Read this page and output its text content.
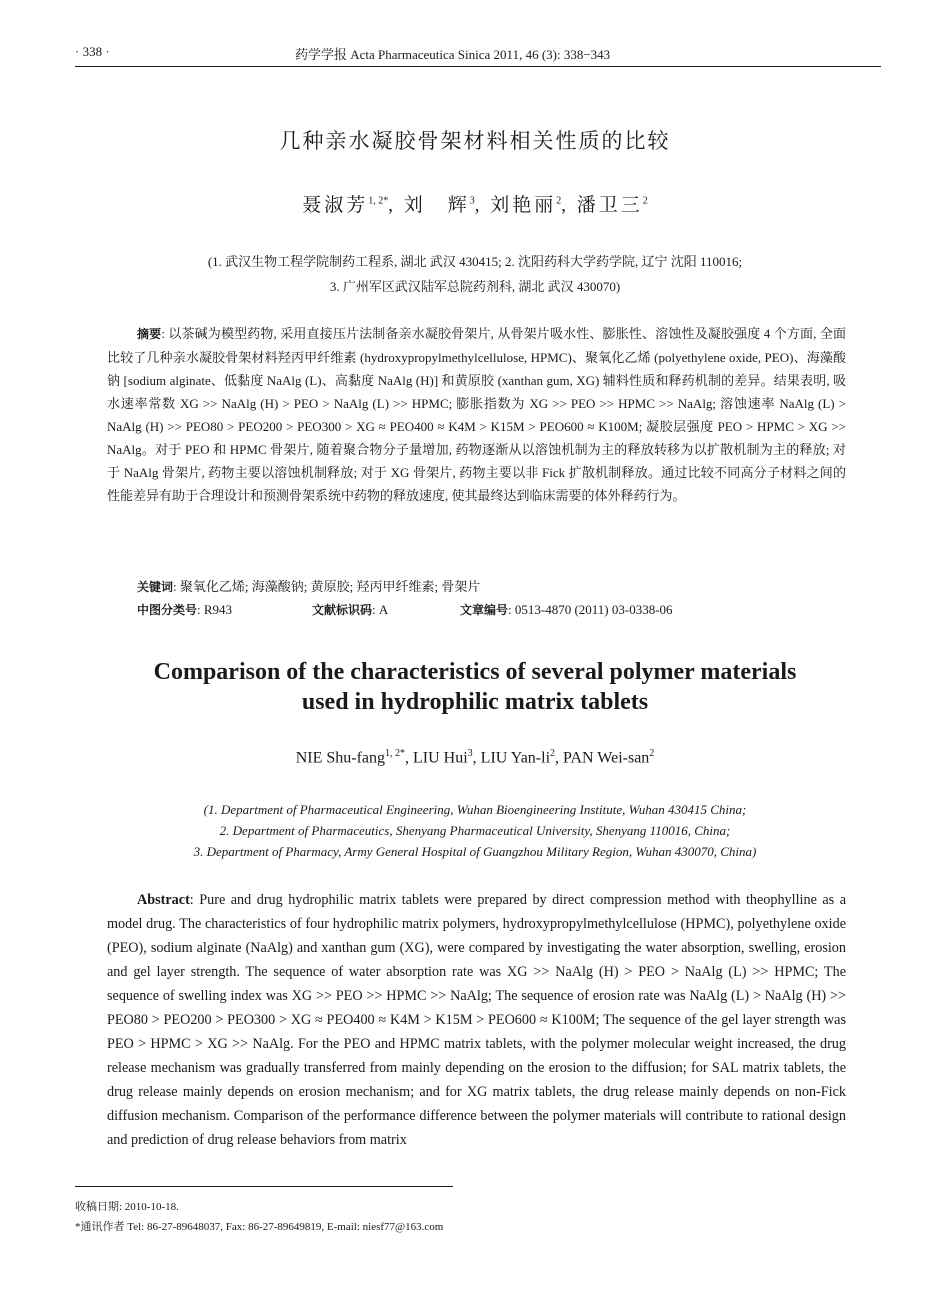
· 338 ·	药学学报 Acta Pharmaceutica Sinica 2011, 46 (3): 338−343
几种亲水凝胶骨架材料相关性质的比较
聂淑芳$^{1, 2*}$, 刘　辉$^3$, 刘艳丽$^2$, 潘卫三$^2$
(1. 武汉生物工程学院制药工程系, 湖北 武汉 430415; 2. 沈阳药科大学药学院, 辽宁 沈阳 110016;
3. 广州军区武汉陆军总院药剂科, 湖北 武汉 430070)

摘要: 以茶碱为模型药物, 采用直接压片法制备亲水凝胶骨架片, 从骨架片吸水性、膨胀性、溶蚀性及凝胶强度 4 个方面, 全面比较了几种亲水凝胶骨架材料羟丙甲纤维素 (hydroxypropylmethylcellulose, HPMC)、聚氧化乙烯 (polyethylene oxide, PEO)、海藻酸钠 [sodium alginate、低黏度 NaAlg (L)、高黏度 NaAlg (H)] 和黄原胶 (xanthan gum, XG) 辅料性质和释药机制的差异。结果表明, 吸水速率常数 XG >> NaAlg (H) > PEO > NaAlg (L) >> HPMC; 膨胀指数为 XG >> PEO >> HPMC >> NaAlg; 溶蚀速率 NaAlg (L) > NaAlg (H) >> PEO80 > PEO200 > PEO300 > XG ≈ PEO400 ≈ K4M > K15M > PEO600 ≈ K100M; 凝胶层强度 PEO > HPMC > XG >> NaAlg。对于 PEO 和 HPMC 骨架片, 随着聚合物分子量增加, 药物逐渐从以溶蚀机制为主的释放转移为以扩散机制为主的释放; 对于 NaAlg 骨架片, 药物主要以溶蚀机制释放; 对于 XG 骨架片, 药物主要以非 Fick 扩散机制释放。通过比较不同高分子材料之间的性能差异有助于合理设计和预测骨架系统中药物的释放速度, 使其最终达到临床需要的体外释药行为。

关键词: 聚氧化乙烯; 海藻酸钠; 黄原胶; 羟丙甲纤维素; 骨架片
中图分类号: R943	文献标识码: A	文章编号: 0513-4870 (2011) 03-0338-06
Comparison of the characteristics of several polymer materials
used in hydrophilic matrix tablets
NIE Shu-fang$^{1, 2*}$, LIU Hui$^3$, LIU Yan-$li^2$, PAN Wei-san$^2$
(1. Department of Pharmaceutical Engineering, Wuhan Bioengineering Institute, Wuhan 430415 China;
2. Department of Pharmaceutics, Shenyang Pharmaceutical University, Shenyang 110016, China;
3. Department of Pharmacy, Army General Hospital of Guangzhou Military Region, Wuhan 430070, China)

Abstract: Pure and drug hydrophilic matrix tablets were prepared by direct compression method with theophylline as a model drug. The characteristics of four hydrophilic matrix polymers, hydroxypropylmethylcellulose (HPMC), polyethylene oxide (PEO), sodium alginate (NaAlg) and xanthan gum (XG), were compared by investigating the water absorption, swelling, erosion and gel layer strength. The sequence of water absorption rate was XG >> NaAlg (H) > PEO > NaAlg (L) >> HPMC; The sequence of swelling index was XG >> PEO >> HPMC >> NaAlg; The sequence of erosion rate was NaAlg (L) > NaAlg (H) >> PEO80 > PEO200 > PEO300 > XG ≈ PEO400 ≈ K4M > K15M > PEO600 ≈ K100M; The sequence of the gel layer strength was PEO > HPMC > XG >> NaAlg. For the PEO and HPMC matrix tablets, with the polymer molecular weight increased, the drug release mechanism was gradually transferred from mainly depending on the erosion to the diffusion; for SAL matrix tablets, the drug release mainly depends on erosion mechanism; and for XG matrix tablets, the drug release mainly depends on non-Fick diffusion mechanism. Comparison of the performance difference between the polymer materials will contribute to rational design and prediction of drug release behaviors from matrix

收稿日期: 2010-10-18.
*通讯作者 Tel: 86-27-89648037, Fax: 86-27-89649819, E-mail: niesf77@163.com
